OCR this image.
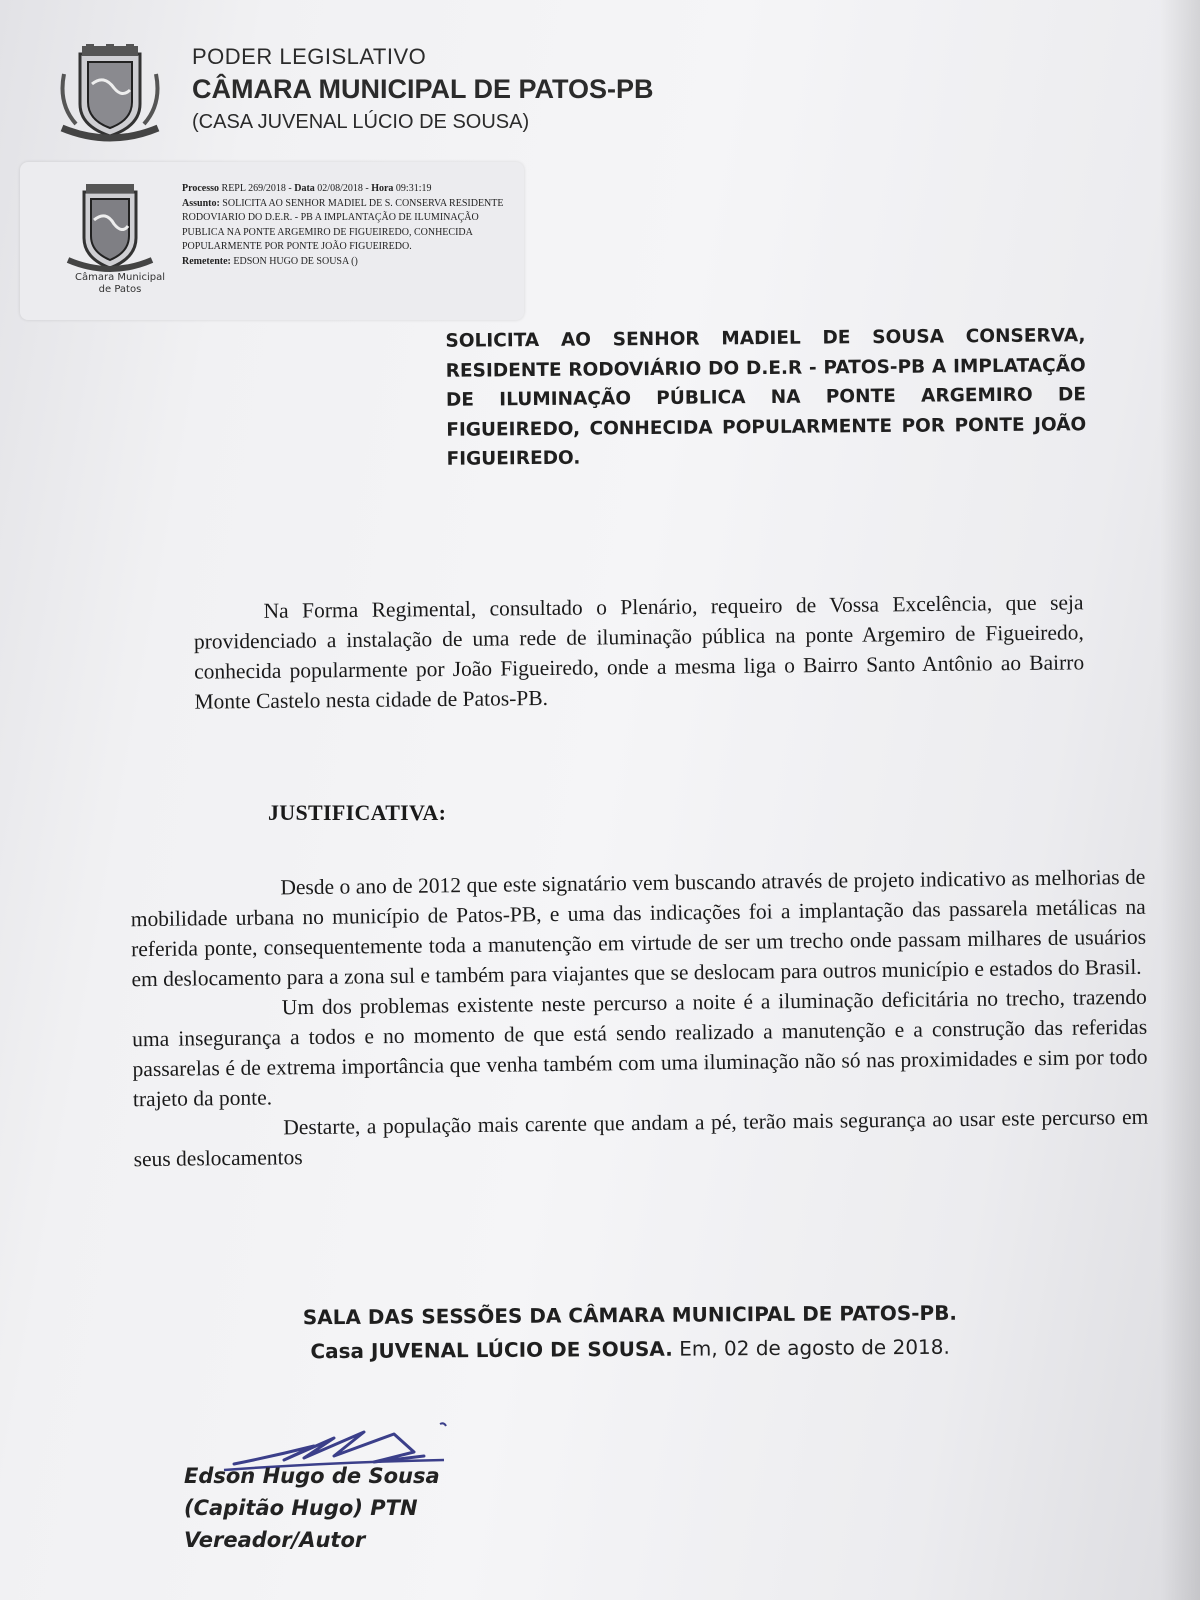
PODER LEGISLATIVO
CÂMARA MUNICIPAL DE PATOS-PB
(CASA JUVENAL LÚCIO DE SOUSA)
Câmara Municipal
de Patos
Processo REPL 269/2018 - Data 02/08/2018 - Hora 09:31:19
Assunto: SOLICITA AO SENHOR MADIEL DE S. CONSERVA RESIDENTE RODOVIARIO DO D.E.R. - PB A IMPLANTAÇÃO DE ILUMINAÇÃO PUBLICA NA PONTE ARGEMIRO DE FIGUEIREDO, CONHECIDA POPULARMENTE POR PONTE JOÃO FIGUEIREDO.
Remetente: EDSON HUGO DE SOUSA ()
SOLICITA AO SENHOR MADIEL DE SOUSA CONSERVA, RESIDENTE RODOVIÁRIO DO D.E.R - PATOS-PB A IMPLATAÇÃO DE ILUMINAÇÃO PÚBLICA NA PONTE ARGEMIRO DE FIGUEIREDO, CONHECIDA POPULARMENTE POR PONTE JOÃO FIGUEIREDO.
Na Forma Regimental, consultado o Plenário, requeiro de Vossa Excelência, que seja providenciado a instalação de uma rede de iluminação pública na ponte Argemiro de Figueiredo, conhecida popularmente por João Figueiredo, onde a mesma liga o Bairro Santo Antônio ao Bairro Monte Castelo nesta cidade de Patos-PB.
JUSTIFICATIVA:

Desde o ano de 2012 que este signatário vem buscando através de projeto indicativo as melhorias de mobilidade urbana no município de Patos-PB, e uma das indicações foi a implantação das passarela metálicas na referida ponte, consequentemente toda a manutenção em virtude de ser um trecho onde passam milhares de usuários em deslocamento para a zona sul e também para viajantes que se deslocam para outros município e estados do Brasil.

Um dos problemas existente neste percurso a noite é a iluminação deficitária no trecho, trazendo uma insegurança a todos e no momento de que está sendo realizado a manutenção e a construção das referidas passarelas é de extrema importância que venha também com uma iluminação não só nas proximidades e sim por todo trajeto da ponte.

Destarte, a população mais carente que andam a pé, terão mais segurança ao usar este percurso em seus deslocamentos

SALA DAS SESSÕES DA CÂMARA MUNICIPAL DE PATOS-PB.
Casa JUVENAL LÚCIO DE SOUSA. Em, 02 de agosto de 2018.
Edson Hugo de Sousa
(Capitão Hugo) PTN
Vereador/Autor
